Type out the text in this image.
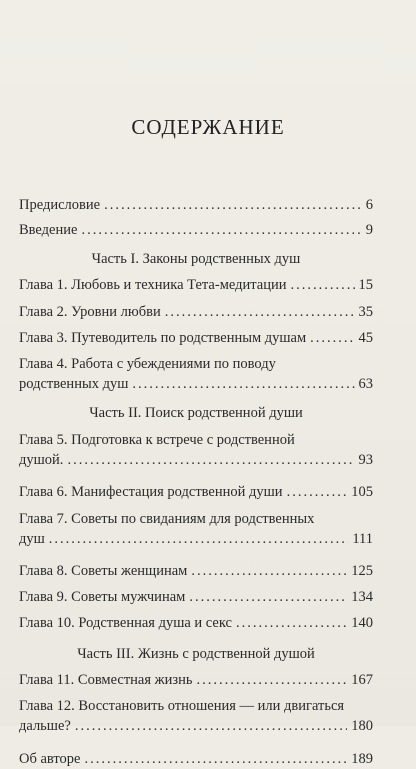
СОДЕРЖАНИЕ
Предисловие .....	6
Введение .....	9
Часть I. Законы родственных душ
Глава 1. Любовь и техника Тета-медитации .....	15
Глава 2. Уровни любви .....	35
Глава 3. Путеводитель по родственным душам .....	45
Глава 4. Работа с убеждениями по поводу
родственных душ .....	63
Часть II. Поиск родственной души
Глава 5. Подготовка к встрече с родственной
душой. .....	93
Глава 6. Манифестация родственной души .....	105
Глава 7. Советы по свиданиям для родственных
душ .....	111
Глава 8. Советы женщинам .....	125
Глава 9. Советы мужчинам .....	134
Глава 10. Родственная душа и секс .....	140
Часть III. Жизнь с родственной душой
Глава 11. Совместная жизнь .....	167
Глава 12. Восстановить отношения — или двигаться
дальше? .....	180
Об авторе .....	189
